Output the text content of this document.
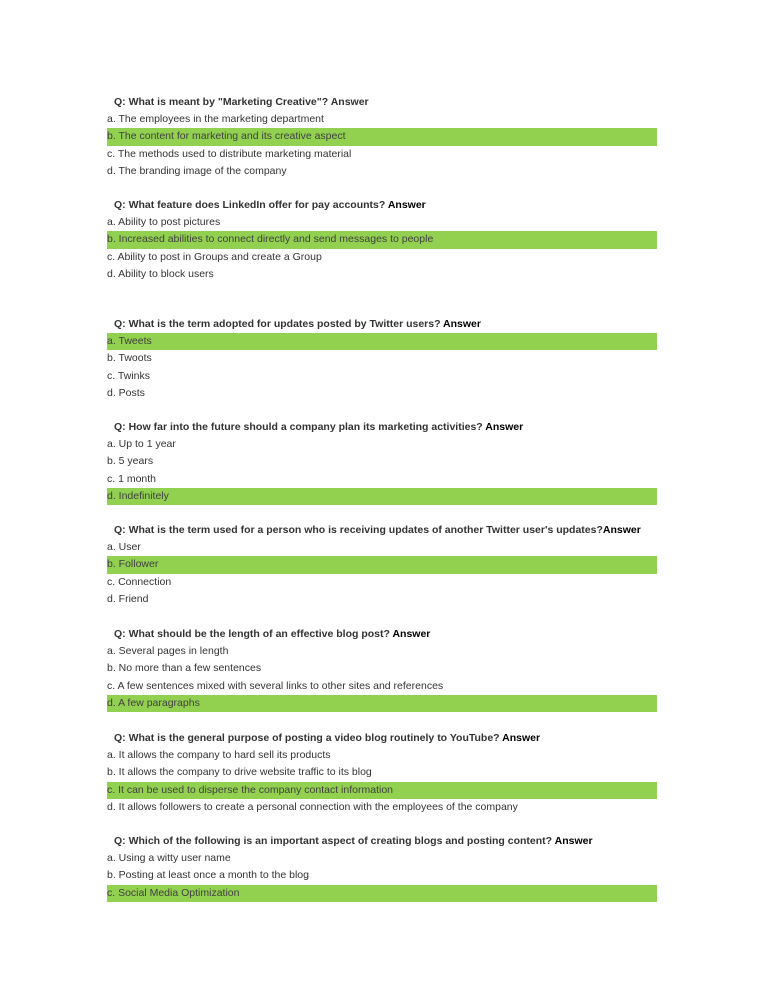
Q: What is meant by "Marketing Creative"? Answer
a. The employees in the marketing department
b. The content for marketing and its creative aspect
c. The methods used to distribute marketing material
d. The branding image of the company
Q: What feature does LinkedIn offer for pay accounts? Answer
a. Ability to post pictures
b. Increased abilities to connect directly and send messages to people
c. Ability to post in Groups and create a Group
d. Ability to block users
Q: What is the term adopted for updates posted by Twitter users? Answer
a. Tweets
b. Twoots
c. Twinks
d. Posts
Q: How far into the future should a company plan its marketing activities? Answer
a. Up to 1 year
b. 5 years
c. 1 month
d. Indefinitely
Q: What is the term used for a person who is receiving updates of another Twitter user's updates?Answer
a. User
b. Follower
c. Connection
d. Friend
Q: What should be the length of an effective blog post? Answer
a. Several pages in length
b. No more than a few sentences
c. A few sentences mixed with several links to other sites and references
d. A few paragraphs
Q: What is the general purpose of posting a video blog routinely to YouTube? Answer
a. It allows the company to hard sell its products
b. It allows the company to drive website traffic to its blog
c. It can be used to disperse the company contact information
d. It allows followers to create a personal connection with the employees of the company
Q: Which of the following is an important aspect of creating blogs and posting content? Answer
a. Using a witty user name
b. Posting at least once a month to the blog
c. Social Media Optimization
